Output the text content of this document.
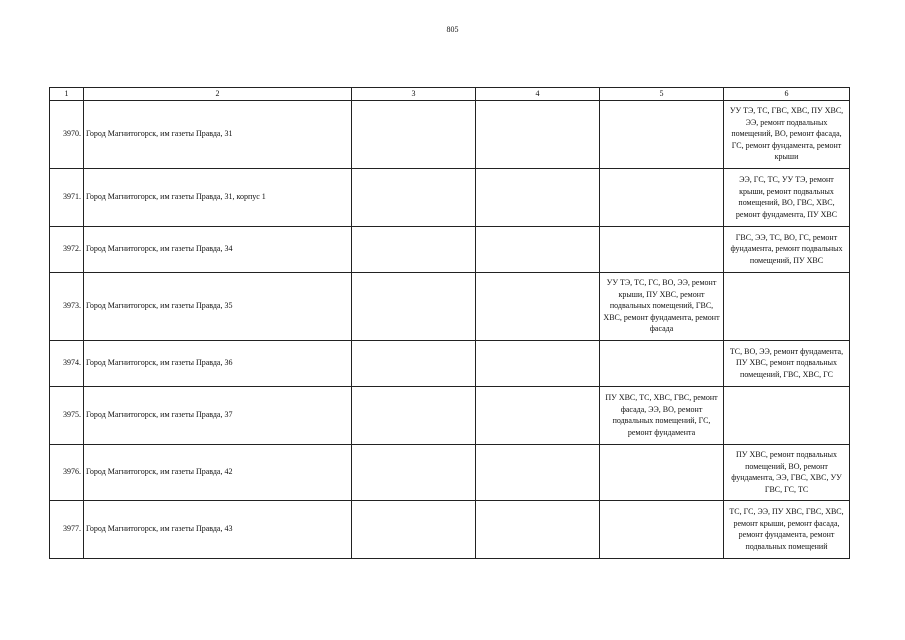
805
1	2	3	4	5	6
3970.	Город Магнитогорск, им газеты Правда, 31				УУ ТЭ, ТС, ГВС, ХВС, ПУ ХВС, ЭЭ, ремонт подвальных помещений, ВО, ремонт фасада, ГС, ремонт фундамента, ремонт крыши
3971.	Город Магнитогорск, им газеты Правда, 31, корпус 1				ЭЭ, ГС, ТС, УУ ТЭ, ремонт крыши, ремонт подвальных помещений, ВО, ГВС, ХВС, ремонт фундамента, ПУ ХВС
3972.	Город Магнитогорск, им газеты Правда, 34				ГВС, ЭЭ, ТС, ВО, ГС, ремонт фундамента, ремонт подвальных помещений, ПУ ХВС
3973.	Город Магнитогорск, им газеты Правда, 35			УУ ТЭ, ТС, ГС, ВО, ЭЭ, ремонт крыши, ПУ ХВС, ремонт подвальных помещений, ГВС, ХВС, ремонт фундамента, ремонт фасада	
3974.	Город Магнитогорск, им газеты Правда, 36				ТС, ВО, ЭЭ, ремонт фундамента, ПУ ХВС, ремонт подвальных помещений, ГВС, ХВС, ГС
3975.	Город Магнитогорск, им газеты Правда, 37			ПУ ХВС, ТС, ХВС, ГВС, ремонт фасада, ЭЭ, ВО, ремонт подвальных помещений, ГС, ремонт фундамента	
3976.	Город Магнитогорск, им газеты Правда, 42				ПУ ХВС, ремонт подвальных помещений, ВО, ремонт фундамента, ЭЭ, ГВС, ХВС, УУ ГВС, ГС, ТС
3977.	Город Магнитогорск, им газеты Правда, 43				ТС, ГС, ЭЭ, ПУ ХВС, ГВС, ХВС, ремонт крыши, ремонт фасада, ремонт фундамента, ремонт подвальных помещений
